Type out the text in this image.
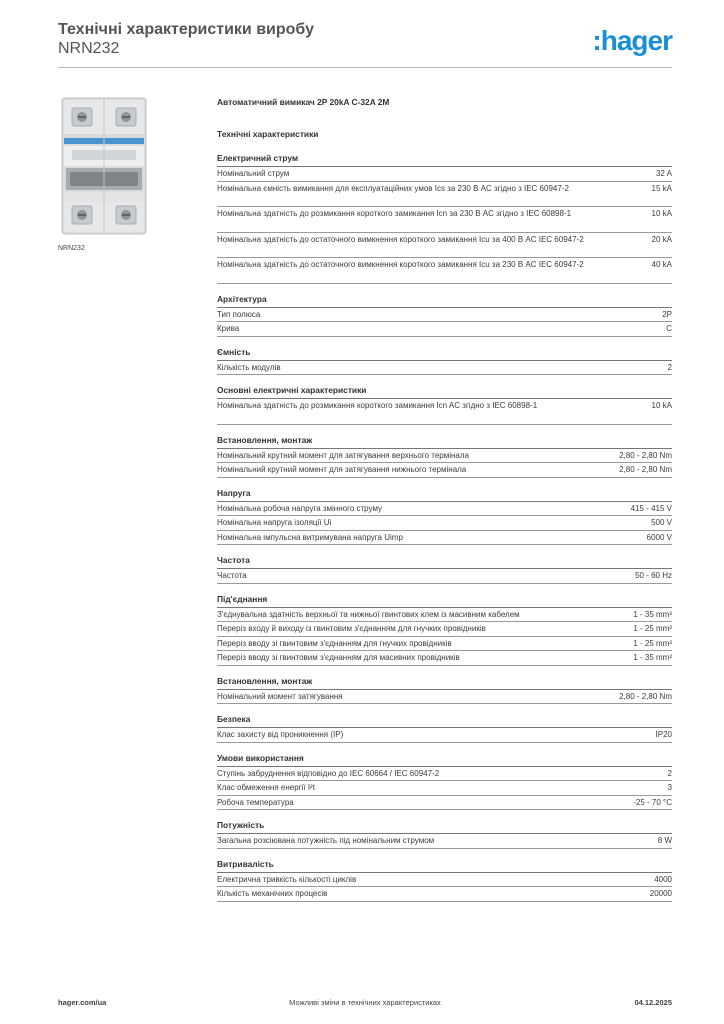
Технічні характеристики виробу
NRN232	:hager
NRN232
Автоматичний вимикач 2P 20kA C-32A 2M
Технічні характеристики
Електричний струм
Номінальний струм	32 A
Номінальна ємність вимикання для експлуатаційних умов Ics за 230 В AC згідно з IEC 60947-2	15 kA
Номінальна здатність до розмикання короткого замикання Icn за 230 В AC згідно з IEC 60898-1	10 kA
Номінальна здатність до остаточного вимкнення короткого замикання Icu за 400 В AC IEC 60947-2	20 kA
Номінальна здатність до остаточного вимкнення короткого замикання Icu за 230 В AC IEC 60947-2	40 kA
Архітектура
Тип полюса	2P
Крива	C
Ємність
Кількість модулів	2
Основні електричні характеристики
Номінальна здатність до розмикання короткого замикання Icn AC згідно з IEC 60898-1	10 kA
Встановлення, монтаж
Номінальний крутний момент для затягування верхнього термінала	2,80 - 2,80 Nm
Номінальний крутний момент для затягування нижнього термінала	2,80 - 2,80 Nm
Напруга
Номінальна робоча напруга змінного струму	415 - 415 V
Номінальна напруга ізоляції Ui	500 V
Номінальна імпульсна витримувана напруга Uimp	6000 V
Частота
Частота	50 - 60 Hz
Під'єднання
З'єднувальна здатність верхньої та нижньої гвинтових клем із масивним кабелем	1 - 35 mm²
Переріз входу й виходу із гвинтовим з'єднанням для гнучких провідників	1 - 25 mm²
Переріз вводу зі гвинтовим з'єднанням для гнучких провідників	1 - 25 mm²
Переріз вводу зі гвинтовим з'єднанням для масивних провідників	1 - 35 mm²
Встановлення, монтаж
Номінальний момент затягування	2,80 - 2,80 Nm
Безпека
Клас захисту від проникнення (IP)	IP20
Умови використання
Ступінь забруднення відповідно до IEC 60664 / IEC 60947-2	2
Клас обмеження енергії I²t	3
Робоча температура	-25 - 70 °C
Потужність
Загальна розсіювана потужність під номінальним струмом	8 W
Витривалість
Електрична тривкість кількості циклів	4000
Кількість механічних процесів	20000
hager.com/ua	Можливі зміни в технічних характеристиках	04.12.2025
